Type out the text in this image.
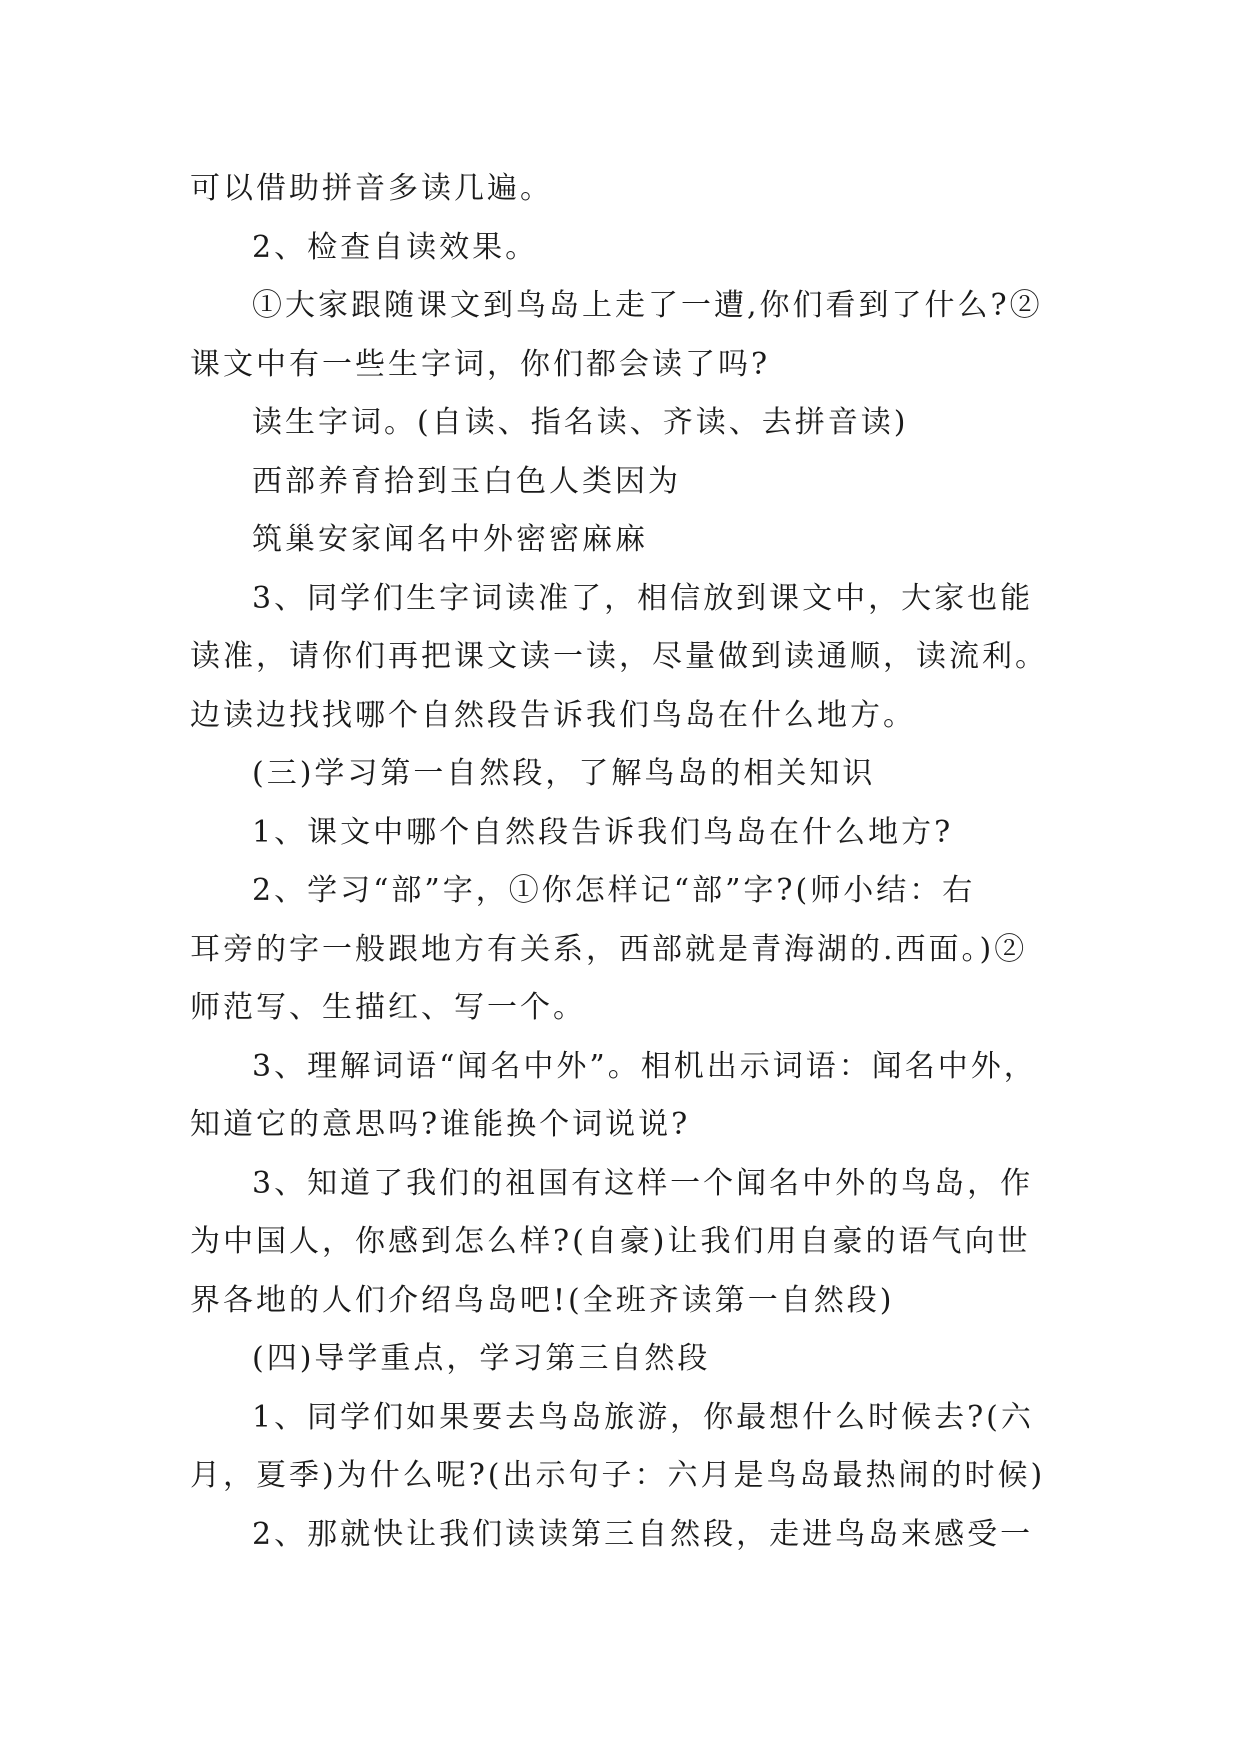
可以借助拼音多读几遍。
2、检查自读效果。
①大家跟随课文到鸟岛上走了一遭,你们看到了什么?②
课文中有一些生字词，你们都会读了吗?
读生字词。(自读、指名读、齐读、去拼音读)
西部养育拾到玉白色人类因为
筑巢安家闻名中外密密麻麻
3、同学们生字词读准了，相信放到课文中，大家也能
读准，请你们再把课文读一读，尽量做到读通顺，读流利。
边读边找找哪个自然段告诉我们鸟岛在什么地方。
(三)学习第一自然段，了解鸟岛的相关知识
1、课文中哪个自然段告诉我们鸟岛在什么地方?
2、学习“部”字，①你怎样记“部”字?(师小结：右
耳旁的字一般跟地方有关系，西部就是青海湖的.西面。)②
师范写、生描红、写一个。
3、理解词语“闻名中外”。相机出示词语：闻名中外，
知道它的意思吗?谁能换个词说说?
3、知道了我们的祖国有这样一个闻名中外的鸟岛，作
为中国人，你感到怎么样?(自豪)让我们用自豪的语气向世
界各地的人们介绍鸟岛吧!(全班齐读第一自然段)
(四)导学重点，学习第三自然段
1、同学们如果要去鸟岛旅游，你最想什么时候去?(六
月，夏季)为什么呢?(出示句子：六月是鸟岛最热闹的时候)
2、那就快让我们读读第三自然段，走进鸟岛来感受一
